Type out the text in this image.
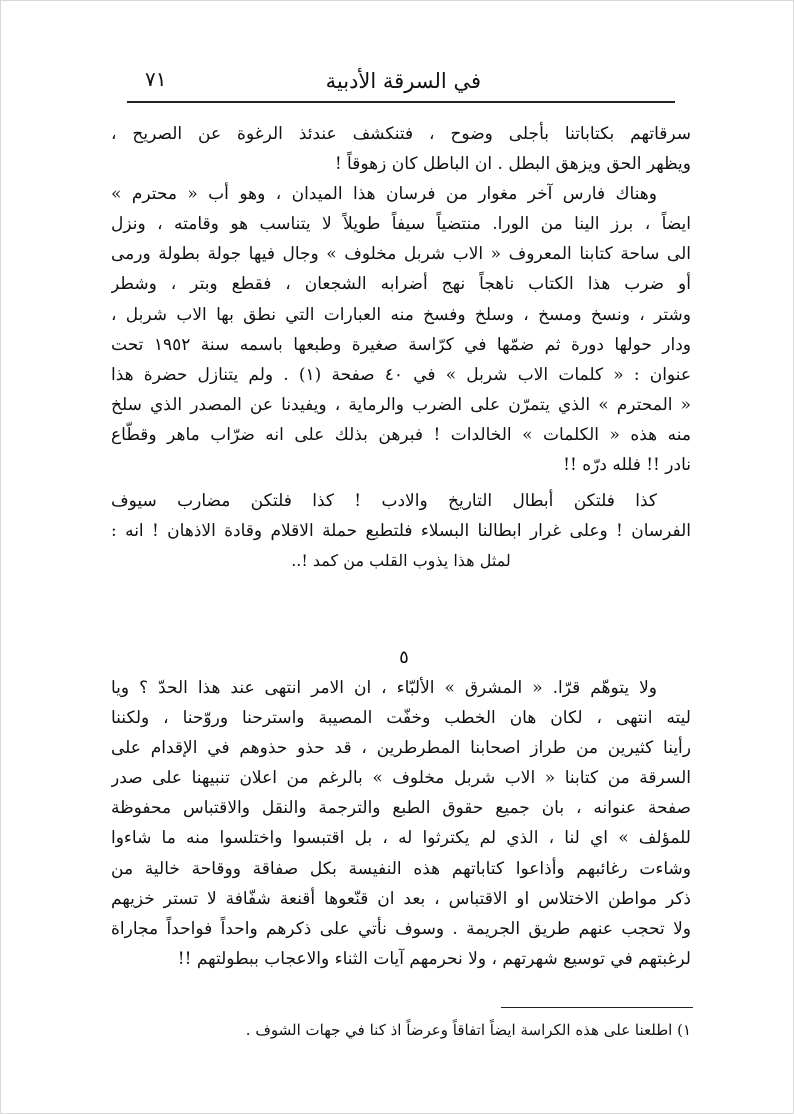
٧١	في السرقة الأدبية
سرقاتهم بكتاباتنا بأجلى وضوح ، فتنكشف عندئذ الرغوة عن الصريح ،
ويظهر الحق ويزهق البطل . ان الباطل كان زهوقاً !
وهناك فارس آخر مغوار من فرسان هذا الميدان ، وهو أب « محترم »
ايضاً ، برز الينا من الورا. منتضياً سيفاً طويلاً لا يتناسب هو وقامته ، ونزل
الى ساحة كتابنا المعروف « الاب شربل مخلوف » وجال فيها جولة بطولة ورمى
أو ضرب هذا الكتاب ناهجاً نهج أضرابه الشجعان ، فقطع وبتر ، وشطر
وشتر ، ونسخ ومسخ ، وسلخ وفسخ منه العبارات التي نطق بها الاب شربل ،
ودار حولها دورة ثم ضمّها في كرّاسة صغيرة وطبعها باسمه سنة ١٩٥٢ تحت
عنوان : « كلمات الاب شربل » في ٤٠ صفحة (١) . ولم يتنازل حضرة هذا
« المحترم » الذي يتمرّن على الضرب والرماية ، ويفيدنا عن المصدر الذي سلخ
منه هذه « الكلمات » الخالدات ! فبرهن بذلك على انه ضرّاب ماهر وقطّاع
نادر !! فلله درّه !!
كذا فلتكن أبطال التاريخ والادب ! كذا فلتكن مضارب سيوف
الفرسان ! وعلى غرار ابطالنا البسلاء فلتطبع حملة الاقلام وقادة الاذهان ! انه :
لمثل هذا يذوب القلب من كمد !..
٥
ولا يتوهّم قرّا. « المشرق » الألبّاء ، ان الامر انتهى عند هذا الحدّ ؟ ويا
ليته انتهى ، لكان هان الخطب وخفّت المصيبة واسترحنا وروّحنا ، ولكننا
رأينا كثيرين من طراز اصحابنا المطرطرين ، قد حذو حذوهم في الإقدام على
السرقة من كتابنا « الاب شربل مخلوف » بالرغم من اعلان تنبيهنا على صدر
صفحة عنوانه ، بان جميع حقوق الطبع والترجمة والنقل والاقتباس محفوظة
للمؤلف » اي لنا ، الذي لم يكترثوا له ، بل اقتبسوا واختلسوا منه ما شاءوا
وشاءت رغائبهم وأذاعوا كتاباتهم هذه النفيسة بكل صفاقة ووقاحة خالية من
ذكر مواطن الاختلاس او الاقتباس ، بعد ان قنّعوها أقنعة شفّافة لا تستر خزيهم
ولا تحجب عنهم طريق الجريمة . وسوف نأتي على ذكرهم واحداً فواحداً مجاراة
لرغبتهم في توسيع شهرتهم ، ولا نحرمهم آيات الثناء والاعجاب ببطولتهم !!
١) اطلعنا على هذه الكراسة ايضاً اتفاقاً وعرضاً اذ كنا في جهات الشوف .
